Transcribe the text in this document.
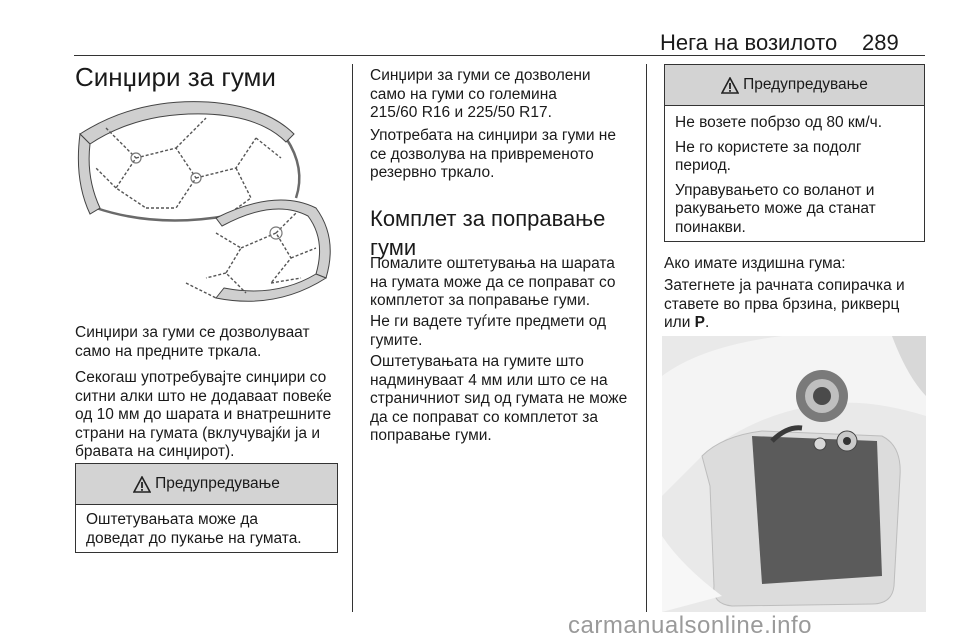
Нега на возилото 289
Синџири за гуми
Синџири за гуми се дозволуваат
само на предните тркала.
Секогаш употребувајте синџири со
ситни алки што не додаваат повеќе
од 10 мм до шарата и внатрешните
страни на гумата (вклучувајќи ја и
бравата на синџирот).
Предупредување
Оштетувањата може да
доведат до пукање на гумата.
Синџири за гуми се дозволени
само на гуми со големина
215/60 R16 и 225/50 R17.
Употребата на синџири за гуми не
се дозволува на привременото
резервно тркало.
Комплет за поправање
гуми
Помалите оштетувања на шарата
на гумата може да се поправат со
комплетот за поправање гуми.
Не ги вадете туѓите предмети од
гумите.
Оштетувањата на гумите што
надминуваат 4 мм или што се на
страничниот ѕид од гумата не може
да се поправат со комплетот за
поправање гуми.
Предупредување

Не возете побрзо од 80 км/ч.

Не го користете за подолг
период.

Управувањето со воланот и
ракувањето може да станат
поинакви.

Ако имате издишна гума:
Затегнете ја рачната сопирачка и
ставете во прва брзина, рикверц
или P.
carmanualsonline.info
